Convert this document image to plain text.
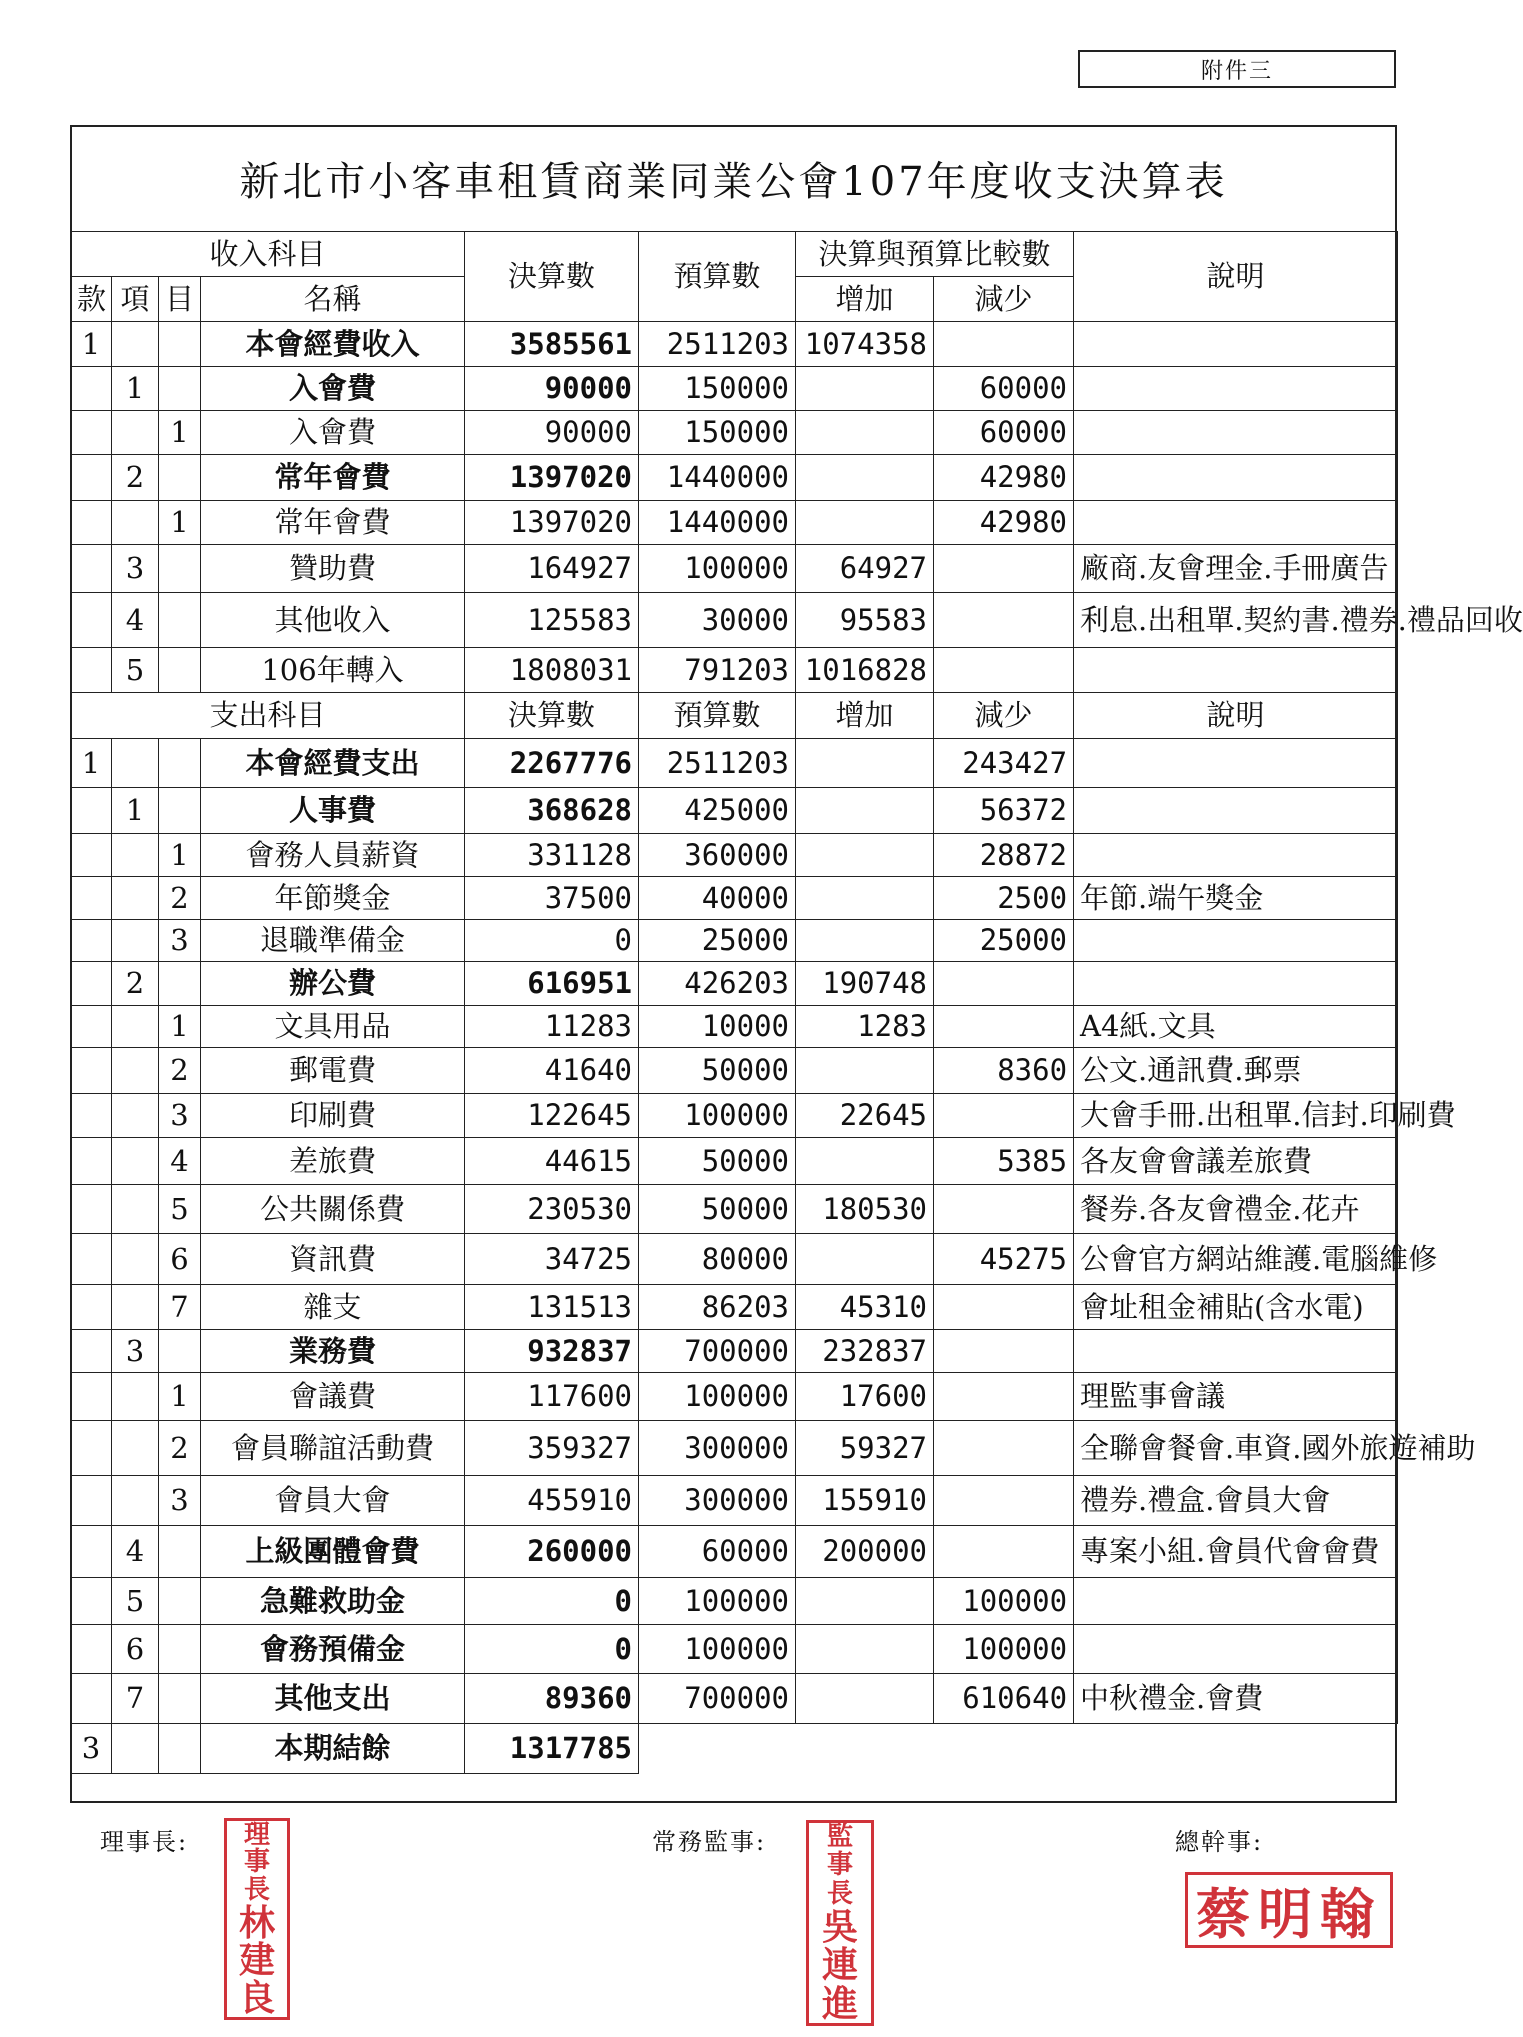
附件三
新北市小客車租賃商業同業公會107年度收支決算表
收入科目				決算數	預算數	決算與預算比較數		說明
款	項	目	名稱			增加	減少	
1			本會經費收入	3585561	2511203	1074358		
	1		入會費	90000	150000		60000	
		1	入會費	90000	150000		60000	
	2		常年會費	1397020	1440000		42980	
		1	常年會費	1397020	1440000		42980	
	3		贊助費	164927	100000	64927		廠商.友會理金.手冊廣告
	4		其他收入	125583	30000	95583		利息.出租單.契約書.禮券.禮品回收
	5		106年轉入	1808031	791203	1016828		
支出科目				決算數	預算數	增加	減少	說明
1			本會經費支出	2267776	2511203		243427	
	1		人事費	368628	425000		56372	
		1	會務人員薪資	331128	360000		28872	
		2	年節獎金	37500	40000		2500	年節.端午獎金
		3	退職準備金	0	25000		25000	
	2		辦公費	616951	426203	190748		
		1	文具用品	11283	10000	1283		A4紙.文具
		2	郵電費	41640	50000		8360	公文.通訊費.郵票
		3	印刷費	122645	100000	22645		大會手冊.出租單.信封.印刷費
		4	差旅費	44615	50000		5385	各友會會議差旅費
		5	公共關係費	230530	50000	180530		餐券.各友會禮金.花卉
		6	資訊費	34725	80000		45275	公會官方網站維護.電腦維修
		7	雜支	131513	86203	45310		會址租金補貼(含水電)
	3		業務費	932837	700000	232837		
		1	會議費	117600	100000	17600		理監事會議
		2	會員聯誼活動費	359327	300000	59327		全聯會餐會.車資.國外旅遊補助
		3	會員大會	455910	300000	155910		禮券.禮盒.會員大會
	4		上級團體會費	260000	60000	200000		專案小組.會員代會會費
	5		急難救助金	0	100000		100000	
	6		會務預備金	0	100000		100000	
	7		其他支出	89360	700000		610640	中秋禮金.會費
3			本期結餘	1317785				
理事長:	常務監事:	總幹事:
理
事
長
林
建
良
監
事
長
吳
連
進
蔡明翰
